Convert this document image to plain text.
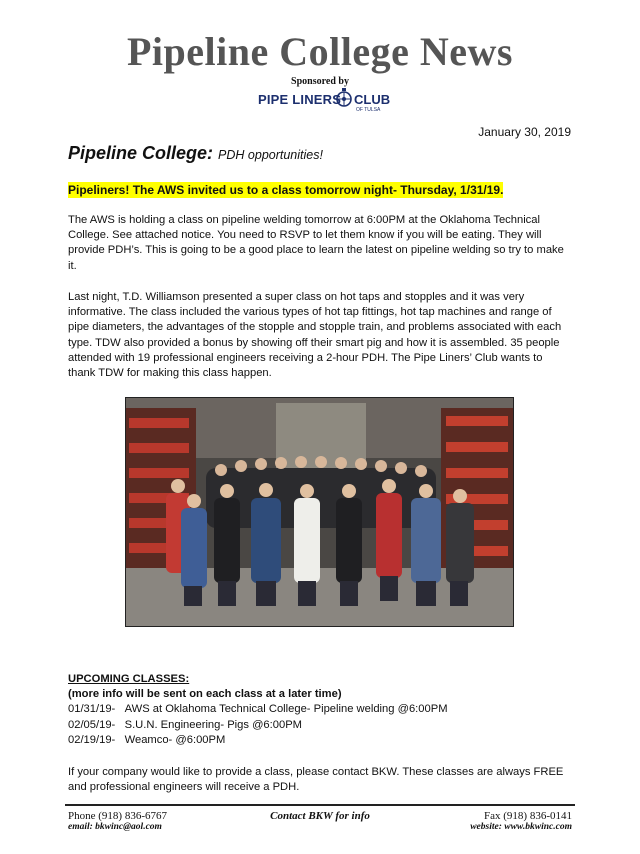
Pipeline College News
Sponsored by
PIPE LINERS CLUB
OF TULSA
January 30, 2019
Pipeline College: PDH opportunities!
Pipeliners! The AWS invited us to a class tomorrow night- Thursday, 1/31/19.
The AWS is holding a class on pipeline welding tomorrow at 6:00PM at the Oklahoma Technical College. See attached notice. You need to RSVP to let them know if you will be eating. They will provide PDH’s. This is going to be a good place to learn the latest on pipeline welding so try to make it.
Last night, T.D. Williamson presented a super class on hot taps and stopples and it was very informative. The class included the various types of hot tap fittings, hot tap machines and range of pipe diameters, the advantages of the stopple and stopple train, and problems associated with each type. TDW also provided a bonus by showing off their smart pig and how it is assembled. 35 people attended with 19 professional engineers receiving a 2-hour PDH. The Pipe Liners’ Club wants to thank TDW for making this class happen.
UPCOMING CLASSES:
(more info will be sent on each class at a later time)
01/31/19- AWS at Oklahoma Technical College- Pipeline welding @6:00PM
02/05/19- S.U.N. Engineering- Pigs @6:00PM
02/19/19- Weamco- @6:00PM
If your company would like to provide a class, please contact BKW. These classes are always FREE and professional engineers will receive a PDH.
Phone (918) 836-6767
email: bkwinc@aol.com
Contact BKW for info	Fax (918) 836-0141
website: www.bkwinc.com
